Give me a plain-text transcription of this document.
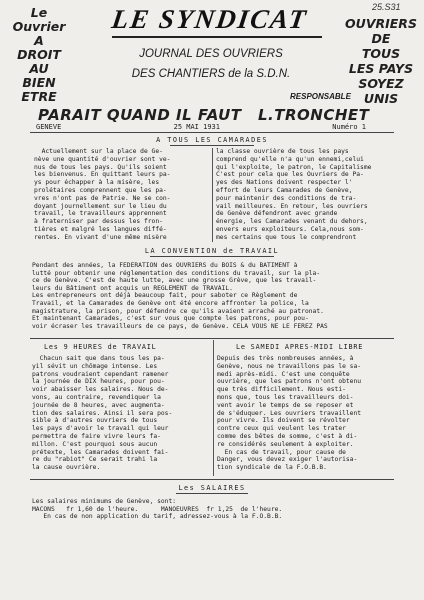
Le Ouvrier
A
DROIT
AU
BIEN ETRE
LE SYNDICAT
JOURNAL DES OUVRIERS
DES CHANTIERS de la S.D.N.
25.S31
OUVRIERS
DE
TOUS
LES PAYS
SOYEZ
UNIS
RESPONSABLE
PARAIT QUAND IL FAUT L.TRONCHET
GENEVE	25 MAI 1931	Numéro 1
A TOUS LES CAMARADES
Actuellement sur la place de Ge-
nève une quantité d'ouvrier sont ve-
nus de tous les pays. Qu'ils soient
les bienvenus. En quittant leurs pa-
ys pour échapper à la misère, les
prolétaires comprennent que les pa-
vres n'ont pas de Patrie. Ne se con-
doyant journellement sur le lieu du
travail, le travailleurs apprennent
à fraterniser par dessus les fron-
tières et malgré les langues diffé-
rentes. En vivant d'une même misère
la classe ouvrière de tous les pays
comprend qu'elle n'a qu'un ennemi,celui
qui l'exploite, le patron, le Capitalisme
C'est pour cela que les Ouvriers de Pa-
yes des Nations doivent respecter l'
effort de leurs Camarades de Genève,
pour maintenir des conditions de tra-
vail meilleures. En retour, les ouvriers
de Genève défendront avec grande
énergie, les Camarades venant du dehors,
envers eurs exploiteurs. Cela,nous som-
mes certains que tous le comprendront
LA CONVENTION de TRAVAIL
Pendant des années, la FEDERATION des OUVRIERS du BOIS & du BATIMENT à
lutté pour obtenir une réglementation des conditions du travail, sur la pla-
ce de Genève. C'est de haute lutte, avec une grosse Grève, que les travail-
leurs du Bâtiment ont acquis un REGLEMENT de TRAVAIL.
Les entrepreneurs ont déjà beaucoup fait, pour saboter ce Règlement de
Travail, et la Camarades de Genève ont été encore affronter la police, la
magistrature, la prison, pour défendre ce qu'ils avaient arraché au patronat.
Et maintenant Camarades, c'est sur vous que compte les patrons, pour pou-
voir écraser les travailleurs de ce pays, de Genève. CELA VOUS NE LE FEREZ PAS
Les 9 HEURES de TRAVAIL	Le SAMEDI APRES-MIDI LIBRE
Chacun sait que dans tous les pa-
yil sévit un chômage intense. Les
patrons voudraient cependant ramener
la journée de DIX heures, pour pou-
voir abaisser les salaires. Nous de-
vons, au contraire, revendiquer la
journée de 8 heures, avec augmenta-
tion des salaires. Ainsi il sera pos-
sible à d'autres ouvriers de tous
les pays d'avoir le travail qui leur
permettra de faire vivre leurs fa-
millon. C'est pourquoi sous aucun
prétexte, les Camarades doivent fai-
re du "rabiot" Ce serait trahi la
la cause ouvrière.
Depuis des très nombreuses années, à
Genève, nous ne travaillons pas le sa-
medi après-midi. C'est une conquête
ouvrière, que les patrons n'ont obtenu
que très difficilement. Nous esti-
mons que, tous les travailleurs doi-
vent avoir le temps de se reposer et
de s'éduquer. Les ouvriers travaillent
pour vivre. Ils doivent se révolter
contre ceux qui veulent les trater
comme des bêtes de somme, c'est à di-
re considérés seulement à exploiter.
En cas de travail, pour cause de
Danger, vous devez exiger l'autorisa-
tion syndicale de la F.O.B.B.
Les SALAIRES
Les salaires minimums de Genève, sont:
MACONS   fr 1,60 de l'heure.      MANOEUVRES  fr 1,25  de l'heure.
En cas de non application du tarif, adressez-vous à la F.O.B.B.
